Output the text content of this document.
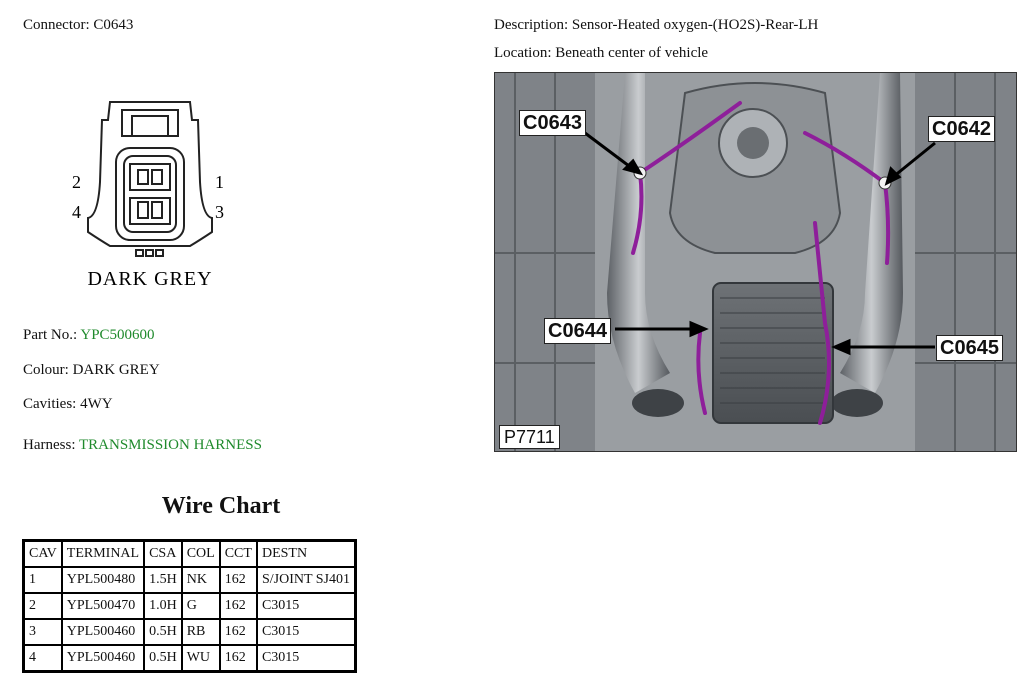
Connector: C0643	Description: Sensor-Heated oxygen-(HO2S)-Rear-LH
Location: Beneath center of vehicle
2
4
1
3
DARK GREY
Part No.: YPC500600
Colour: DARK GREY
Cavities: 4WY
Harness: TRANSMISSION HARNESS
Wire Chart
CAV	TERMINAL	CSA	COL	CCT	DESTN
1	YPL500480	1.5H	NK	162	S/JOINT SJ401
2	YPL500470	1.0H	G	162	C3015
3	YPL500460	0.5H	RB	162	C3015
4	YPL500460	0.5H	WU	162	C3015
C0643	C0642
C0644
C0645
P7711
